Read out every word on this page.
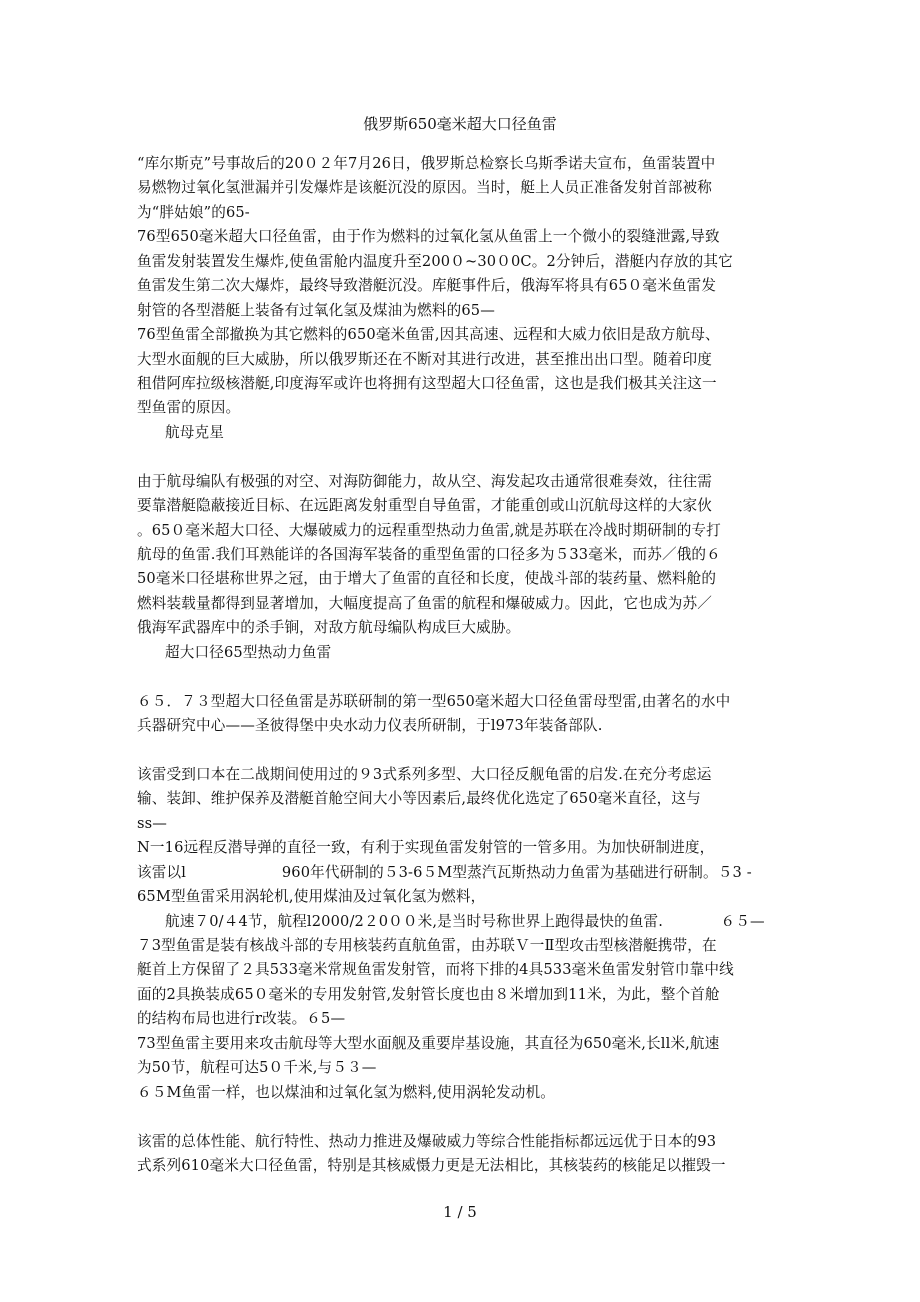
俄罗斯650毫米超大口径鱼雷
“库尔斯克”号事故后的20０２年7月26日，俄罗斯总检察长乌斯季诺夫宣布，鱼雷装置中
易燃物过氧化氢泄漏并引发爆炸是该艇沉没的原因。当时，艇上人员正准备发射首部被称
为“胖姑娘”的65-
76型650毫米超大口径鱼雷，由于作为燃料的过氧化氢从鱼雷上一个微小的裂缝泄露,导致
鱼雷发射装置发生爆炸,使鱼雷舱内温度升至200０~30０0C。2分钟后，潜艇内存放的其它
鱼雷发生第二次大爆炸，最终导致潜艇沉没。库艇事件后，俄海军将具有65０毫米鱼雷发
射管的各型潜艇上装备有过氧化氢及煤油为燃料的65—
76型鱼雷全部撤换为其它燃料的650毫米鱼雷,因其高速、远程和大威力依旧是敌方航母、
大型水面舰的巨大威胁，所以俄罗斯还在不断对其进行改进，甚至推出出口型。随着印度
租借阿库拉级核潜艇,印度海军或许也将拥有这型超大口径鱼雷，这也是我们极其关注这一
型鱼雷的原因。
航母克星
由于航母编队有极强的对空、对海防御能力，故从空、海发起攻击通常很难奏效，往往需
要靠潜艇隐蔽接近目标、在远距离发射重型自导鱼雷，才能重创或山沉航母这样的大家伙
。65０毫米超大口径、大爆破威力的远程重型热动力鱼雷,就是苏联在冷战时期研制的专打
航母的鱼雷.我们耳熟能详的各国海军装备的重型鱼雷的口径多为５33毫米，而苏／俄的６
50毫米口径堪称世界之冠，由于增大了鱼雷的直径和长度，使战斗部的装药量、燃料舱的
燃料装载量都得到显著增加，大幅度提高了鱼雷的航程和爆破威力。因此，它也成为苏／
俄海军武器库中的杀手锏，对敌方航母编队构成巨大威胁。
超大口径65型热动力鱼雷
６５．７３型超大口径鱼雷是苏联研制的第一型650毫米超大口径鱼雷母型雷,由著名的水中
兵器研究中心——圣彼得堡中央水动力仪表所研制，于l973年装备部队.
该雷受到口本在二战期间使用过的９3式系列多型、大口径反舰龟雷的启发.在充分考虑运
输、装卸、维护保养及潜艇首舱空间大小等因素后,最终优化选定了650毫米直径，这与
ss—
N一16远程反潜导弹的直径一致，有利于实现鱼雷发射管的一管多用。为加快研制进度，
该雷以l                    960年代研制的５3-6５M型蒸汽瓦斯热动力鱼雷为基础进行研制。５3 -
65M型鱼雷采用涡轮机,使用煤油及过氧化氢为燃料，
航速７0/４4节，航程l2000/2２0００米,是当时号称世界上跑得最快的鱼雷.            ６５—
７3型鱼雷是装有核战斗部的专用核装药直航鱼雷，由苏联Ｖ一Ⅱ型攻击型核潜艇携带，在
艇首上方保留了２具533毫米常规鱼雷发射管，而将下排的4具533毫米鱼雷发射管巾靠中线
面的2具换装成65０毫米的专用发射管,发射管长度也由８米增加到11米，为此，整个首舱
的结构布局也进行r改装。６5—
73型鱼雷主要用来攻击航母等大型水面舰及重要岸基设施，其直径为650毫米,长ll米,航速
为50节，航程可达5０千米,与５３—
６５M鱼雷一样，也以煤油和过氧化氢为燃料,使用涡轮发动机。
该雷的总体性能、航行特性、热动力推进及爆破威力等综合性能指标都远远优于日本的93
式系列610毫米大口径鱼雷，特别是其核威慑力更是无法相比，其核装药的核能足以摧毁一
1 / 5
